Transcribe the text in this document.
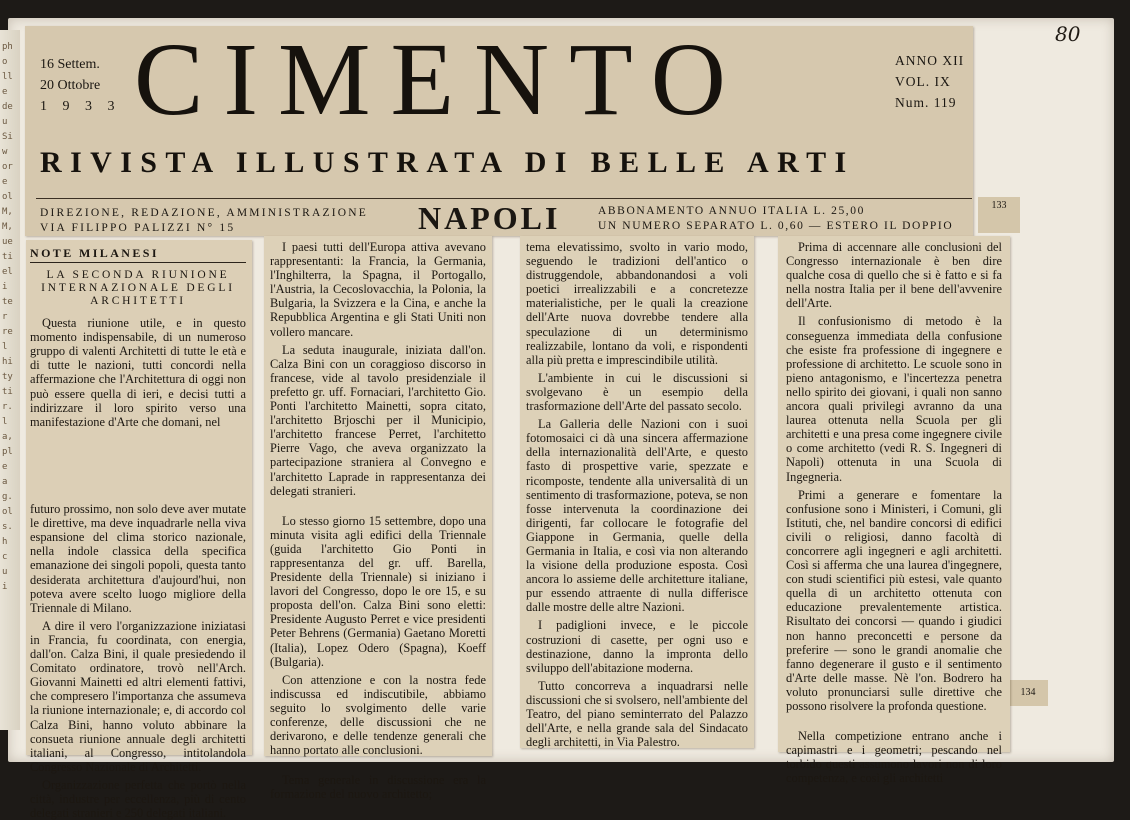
pho lle deu Siw ore ol M, M, ue ti el i ter re l hi ty tir. la, pl e a g. ol s. h c u i
80
16 Settem.
20 Ottobre
1 9 3 3 CIMENTO	ANNO XII
VOL. IX
Num. 119
RIVISTA ILLUSTRATA DI BELLE ARTI
DIREZIONE, REDAZIONE, AMMINISTRAZIONE
VIA FILIPPO PALIZZI N° 15	NAPOLI	ABBONAMENTO ANNUO ITALIA L. 25,00
UN NUMERO SEPARATO L. 0,60 — ESTERO IL DOPPIO
133
134
NOTE MILANESI
LA SECONDA RIUNIONE INTERNAZIONALE DEGLI ARCHITETTI

Questa riunione utile, e in questo momento indispensabile, di un numeroso gruppo di valenti Architetti di tutte le età e di tutte le nazioni, tutti concordi nella affermazione che l'Architettura di oggi non può essere quella di ieri, e decisi tutti a indirizzare il loro spirito verso una manifestazione d'Arte che domani, nel

futuro prossimo, non solo deve aver mutate le direttive, ma deve inquadrarle nella viva espansione del clima storico nazionale, nella indole classica della specifica emanazione dei singoli popoli, questa tanto desiderata architettura d'aujourd'hui, non poteva avere scelto luogo migliore della Triennale di Milano.

A dire il vero l'organizzazione iniziatasi in Francia, fu coordinata, con energia, dall'on. Calza Bini, il quale presiedendo il Comitato ordinatore, trovò nell'Arch. Giovanni Mainetti ed altri elementi fattivi, che compresero l'importanza che assumeva la riunione internazionale; e, di accordo col Calza Bini, hanno voluto abbinare la consueta riunione annuale degli architetti italiani, al Congresso, intitolandola Congresso Nazionale di Architetti.

Organizzazione perfetta che portò nella città, industre per eccellenza, più di cento delegati stranieri e 250 delegati italiani.

I paesi tutti dell'Europa attiva avevano rappresentanti: la Francia, la Germania, l'Inghilterra, la Spagna, il Portogallo, l'Austria, la Cecoslovacchia, la Polonia, la Bulgaria, la Svizzera e la Cina, e anche la Repubblica Argentina e gli Stati Uniti non vollero mancare.

La seduta inaugurale, iniziata dall'on. Calza Bini con un coraggioso discorso in francese, vide al tavolo presidenziale il prefetto gr. uff. Fornaciari, l'architetto Gio. Ponti l'architetto Mainetti, sopra citato, l'architetto Brjoschi per il Municipio, l'architetto francese Perret, l'architetto Pierre Vago, che aveva organizzato la partecipazione straniera al Convegno e l'architetto Laprade in rappresentanza dei delegati stranieri.

Lo stesso giorno 15 settembre, dopo una minuta visita agli edifici della Triennale (guida l'architetto Gio Ponti in rappresentanza del gr. uff. Barella, Presidente della Triennale) si iniziano i lavori del Congresso, dopo le ore 15, e su proposta dell'on. Calza Bini sono eletti: Presidente Augusto Perret e vice presidenti Peter Behrens (Germania) Gaetano Moretti (Italia), Lopez Odero (Spagna), Koeff (Bulgaria).

Con attenzione e con la nostra fede indiscussa ed indiscutibile, abbiamo seguito lo svolgimento delle varie conferenze, delle discussioni che ne derivarono, e delle tendenze generali che hanno portato alle conclusioni.

Tema generale in discussione era la formazione del nuovo architetto;

tema elevatissimo, svolto in vario modo, seguendo le tradizioni dell'antico o distruggendole, abbandonandosi a voli poetici irrealizzabili e a concretezze materialistiche, per le quali la creazione dell'Arte nuova dovrebbe tendere alla speculazione di un determinismo realizzabile, lontano da voli, e rispondenti alla più pretta e imprescindibile utilità.

L'ambiente in cui le discussioni si svolgevano è un esempio della trasformazione dell'Arte del passato secolo.

La Galleria delle Nazioni con i suoi fotomosaici ci dà una sincera affermazione della internazionalità dell'Arte, e questo fasto di prospettive varie, spezzate e ricomposte, tendente alla universalità di un sentimento di trasformazione, poteva, se non fosse intervenuta la coordinazione dei dirigenti, far collocare le fotografie del Giappone in Germania, quelle della Germania in Italia, e così via non alterando la visione della produzione esposta. Così ancora lo assieme delle architetture italiane, pur essendo attraente di nulla differisce dalle mostre delle altre Nazioni.

I padiglioni invece, e le piccole costruzioni di casette, per ogni uso e destinazione, danno la impronta dello sviluppo dell'abitazione moderna.

Tutto concorreva a inquadrarsi nelle discussioni che si svolsero, nell'ambiente del Teatro, del piano seminterrato del Palazzo dell'Arte, e nella grande sala del Sindacato degli architetti, in Via Palestro.

Prima di accennare alle conclusioni del Congresso internazionale è ben dire qualche cosa di quello che si è fatto e si fa nella nostra Italia per il bene dell'avvenire dell'Arte.

Il confusionismo di metodo è la conseguenza immediata della confusione che esiste fra professione di ingegnere e professione di architetto. Le scuole sono in pieno antagonismo, e l'incertezza penetra nello spirito dei giovani, i quali non sanno ancora quali privilegi avranno da una laurea ottenuta nella Scuola per gli architetti e una presa come ingegnere civile o come architetto (vedi R. S. Ingegneri di Napoli) ottenuta in una Scuola di Ingegneria.

Primi a generare e fomentare la confusione sono i Ministeri, i Comuni, gli Istituti, che, nel bandire concorsi di edifici civili o religiosi, danno facoltà di concorrere agli ingegneri e agli architetti. Così si afferma che una laurea d'ingegnere, con studi scientifici più estesi, vale quanto quella di un architetto ottenuta con educazione prevalentemente artistica. Risultato dei concorsi — quando i giudici non hanno preconcetti e persone da preferire — sono le grandi anomalie che fanno degenerare il gusto e il sentimento d'Arte delle masse. Nè l'on. Bodrero ha voluto pronunciarsi sulle direttive che possono risolvere la profonda questione.

Nella competizione entrano anche i capimastri e i geometri; pescando nel torbido questi assumono lavori non di loro competenza, e così gli architetti
